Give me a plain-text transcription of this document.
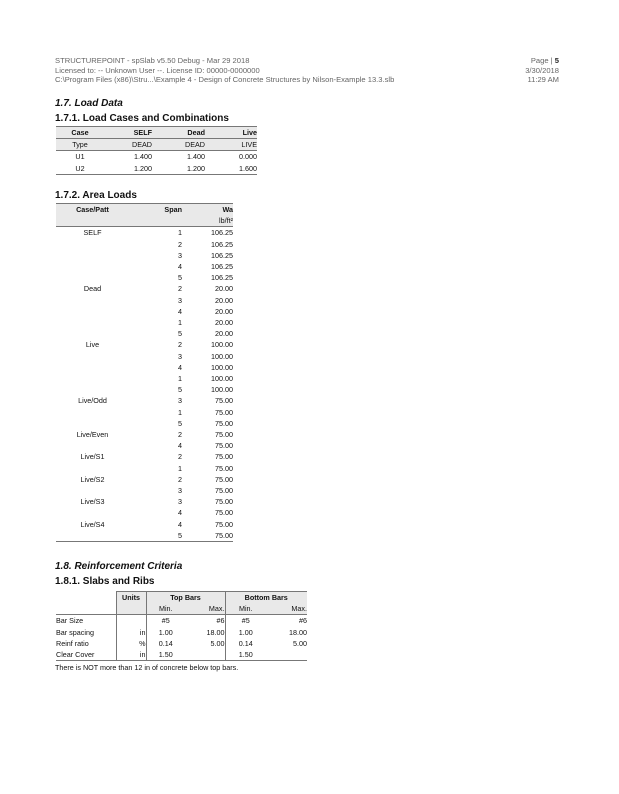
STRUCTUREPOINT - spSlab v5.50 Debug - Mar 29 2018
Licensed to: -- Unknown User --. License ID: 00000-0000000
C:\Program Files (x86)\Stru...\Example 4 - Design of Concrete Structures by Nilson-Example 13.3.slb
Page | 5
3/30/2018
11:29 AM
1.7. Load Data
1.7.1. Load Cases and Combinations
Case	SELF	Dead	Live
Type	DEAD	DEAD	LIVE
U1	1.400	1.400	0.000
U2	1.200	1.200	1.600
1.7.2. Area Loads
Case/Patt	Span	Wa
		lb/ft²
SELF	1	106.25
	2	106.25
	3	106.25
	4	106.25
	5	106.25
Dead	2	20.00
	3	20.00
	4	20.00
	1	20.00
	5	20.00
Live	2	100.00
	3	100.00
	4	100.00
	1	100.00
	5	100.00
Live/Odd	3	75.00
	1	75.00
	5	75.00
Live/Even	2	75.00
	4	75.00
Live/S1	2	75.00
	1	75.00
Live/S2	2	75.00
	3	75.00
Live/S3	3	75.00
	4	75.00
Live/S4	4	75.00
	5	75.00
1.8. Reinforcement Criteria
1.8.1. Slabs and Ribs
	Units	Top Bars		Bottom Bars	
		Min.	Max.	Min.	Max.
Bar Size		#5	#6	#5	#6
Bar spacing	in	1.00	18.00	1.00	18.00
Reinf ratio	%	0.14	5.00	0.14	5.00
Clear Cover	in	1.50		1.50	
There is NOT more than 12 in of concrete below top bars.
